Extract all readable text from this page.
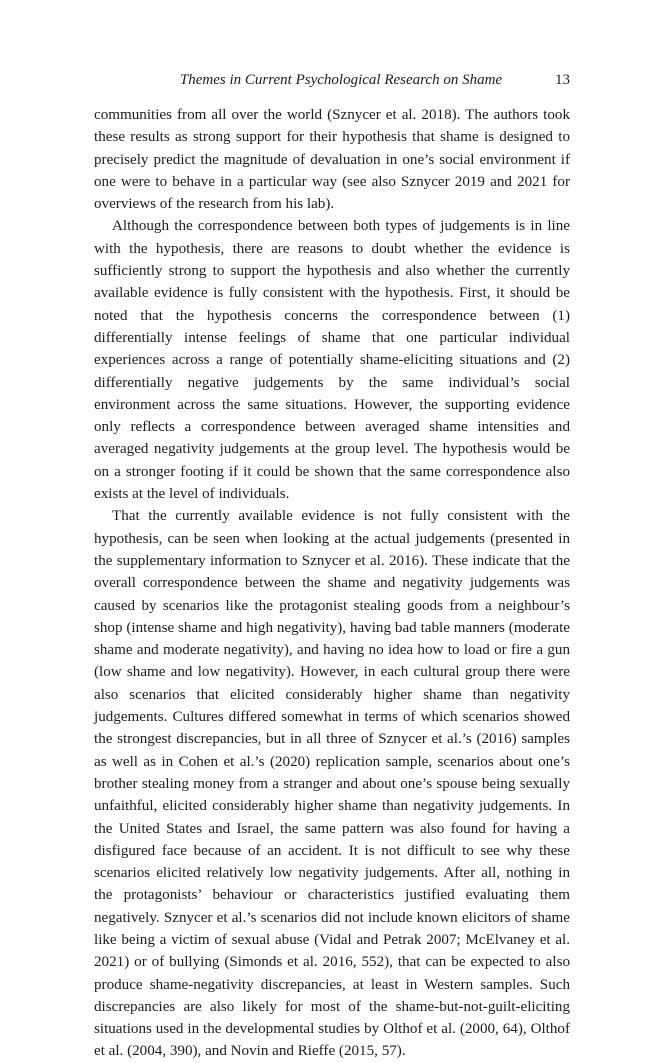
Themes in Current Psychological Research on Shame	13

communities from all over the world (Sznycer et al. 2018). The authors took these results as strong support for their hypothesis that shame is designed to precisely predict the magnitude of devaluation in one’s social environment if one were to behave in a particular way (see also Sznycer 2019 and 2021 for overviews of the research from his lab).

Although the correspondence between both types of judgements is in line with the hypothesis, there are reasons to doubt whether the evidence is sufficiently strong to support the hypothesis and also whether the currently available evidence is fully consistent with the hypothesis. First, it should be noted that the hypothesis concerns the correspondence between (1) differentially intense feelings of shame that one particular individual experiences across a range of potentially shame-eliciting situations and (2) differentially negative judgements by the same individual’s social environment across the same situations. However, the supporting evidence only reflects a correspondence between averaged shame intensities and averaged negativity judgements at the group level. The hypothesis would be on a stronger footing if it could be shown that the same correspondence also exists at the level of individuals.

That the currently available evidence is not fully consistent with the hypothesis, can be seen when looking at the actual judgements (presented in the supplementary information to Sznycer et al. 2016). These indicate that the overall correspondence between the shame and negativity judgements was caused by scenarios like the protagonist stealing goods from a neighbour’s shop (intense shame and high negativity), having bad table manners (moderate shame and moderate negativity), and having no idea how to load or fire a gun (low shame and low negativity). However, in each cultural group there were also scenarios that elicited considerably higher shame than negativity judgements. Cultures differed somewhat in terms of which scenarios showed the strongest discrepancies, but in all three of Sznycer et al.’s (2016) samples as well as in Cohen et al.’s (2020) replication sample, scenarios about one’s brother stealing money from a stranger and about one’s spouse being sexually unfaithful, elicited considerably higher shame than negativity judgements. In the United States and Israel, the same pattern was also found for having a disfigured face because of an accident. It is not difficult to see why these scenarios elicited relatively low negativity judgements. After all, nothing in the protagonists’ behaviour or characteristics justified evaluating them negatively. Sznycer et al.’s scenarios did not include known elicitors of shame like being a victim of sexual abuse (Vidal and Petrak 2007; McElvaney et al. 2021) or of bullying (Simonds et al. 2016, 552), that can be expected to also produce shame-negativity discrepancies, at least in Western samples. Such discrepancies are also likely for most of the shame-but-not-guilt-eliciting situations used in the developmental studies by Olthof et al. (2000, 64), Olthof et al. (2004, 390), and Novin and Rieffe (2015, 57).
